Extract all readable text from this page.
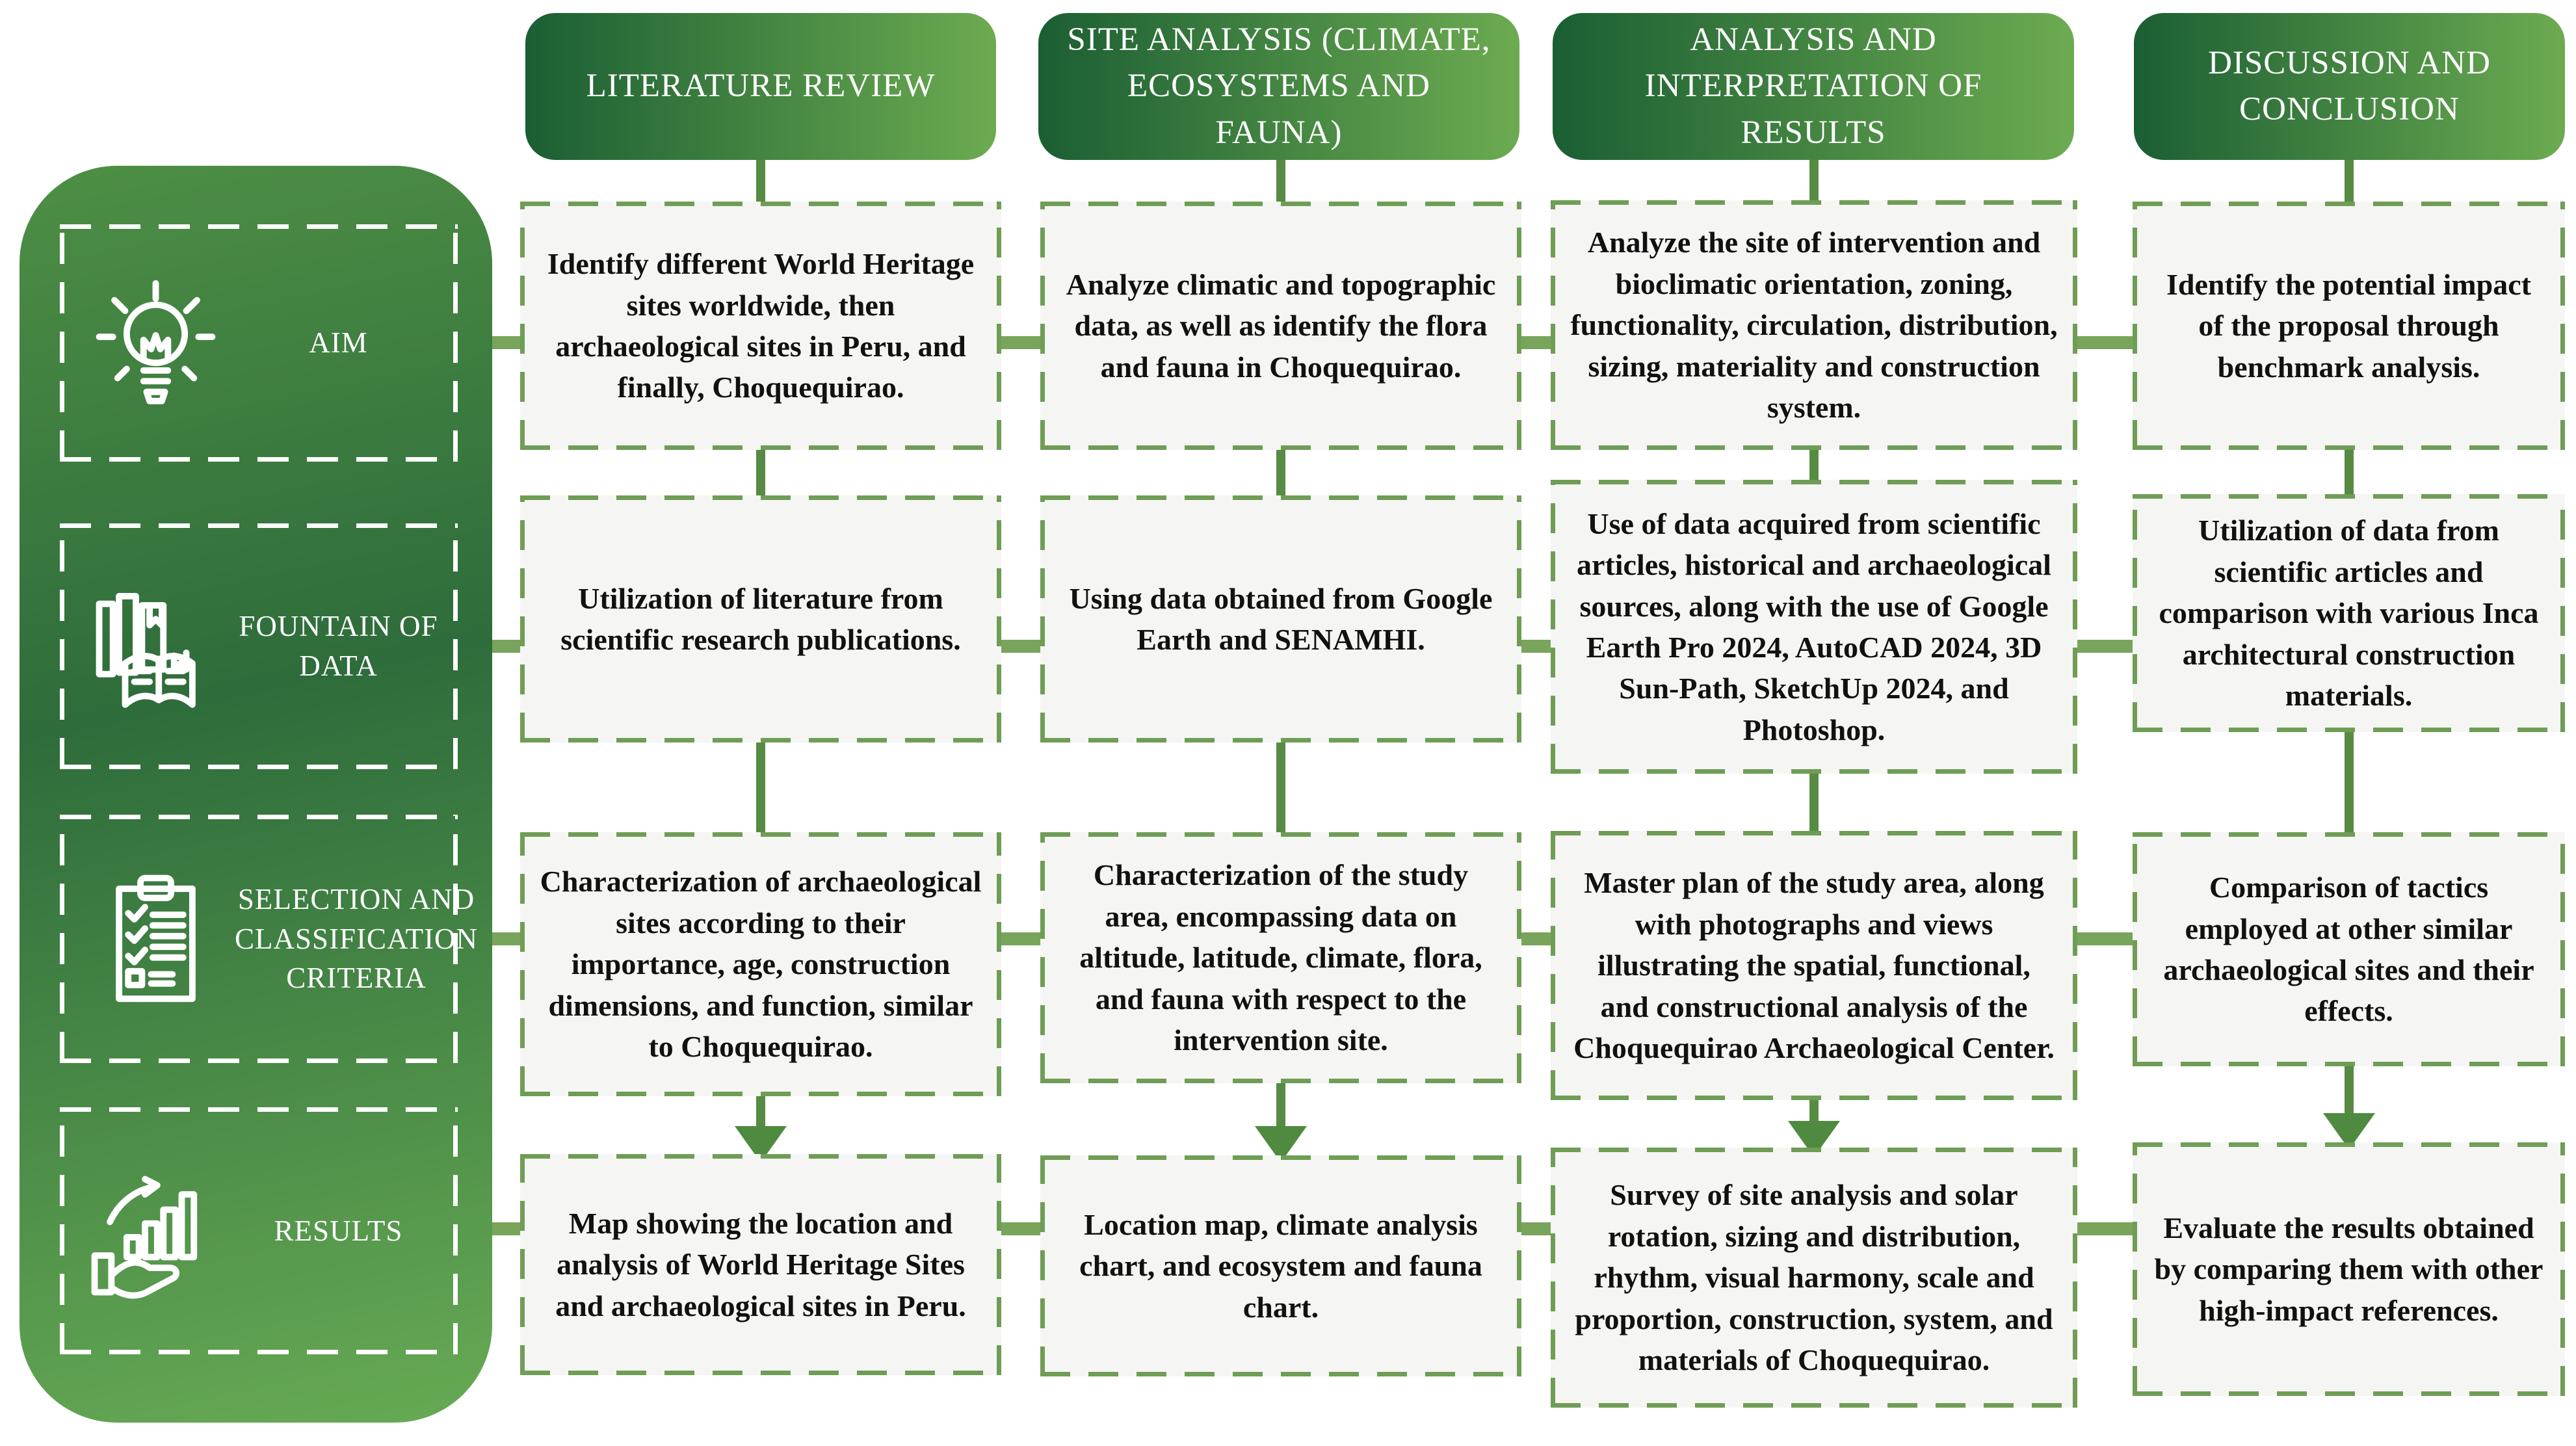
AIM
FOUNTAIN OF DATA
SELECTION AND CLASSIFICATION CRITERIA
RESULTS
LITERATURE REVIEW
SITE ANALYSIS (CLIMATE, ECOSYSTEMS AND FAUNA)
ANALYSIS AND INTERPRETATION OF RESULTS
DISCUSSION AND CONCLUSION
Identify different World Heritage sites worldwide, then archaeological sites in Peru, and finally, Choquequirao.
Analyze climatic and topographic data, as well as identify the flora and fauna in Choquequirao.
Analyze the site of intervention and bioclimatic orientation, zoning, functionality, circulation, distribution, sizing, materiality and construction system.
Identify the potential impact of the proposal through benchmark analysis.
Utilization of literature from scientific research publications.
Using data obtained from Google Earth and SENAMHI.
Use of data acquired from scientific articles, historical and archaeological sources, along with the use of Google Earth Pro 2024, AutoCAD 2024, 3D Sun-Path, SketchUp 2024, and Photoshop.
Utilization of data from scientific articles and comparison with various Inca architectural construction materials.
Characterization of archaeological sites according to their importance, age, construction dimensions, and function, similar to Choquequirao.
Characterization of the study area, encompassing data on altitude, latitude, climate, flora, and fauna with respect to the intervention site.
Master plan of the study area, along with photographs and views illustrating the spatial, functional, and constructional analysis of the Choquequirao Archaeological Center.
Comparison of tactics employed at other similar archaeological sites and their effects.
Map showing the location and analysis of World Heritage Sites and archaeological sites in Peru.
Location map, climate analysis chart, and ecosystem and fauna chart.
Survey of site analysis and solar rotation, sizing and distribution, rhythm, visual harmony, scale and proportion, construction, system, and materials of Choquequirao.
Evaluate the results obtained by comparing them with other high-impact references.
